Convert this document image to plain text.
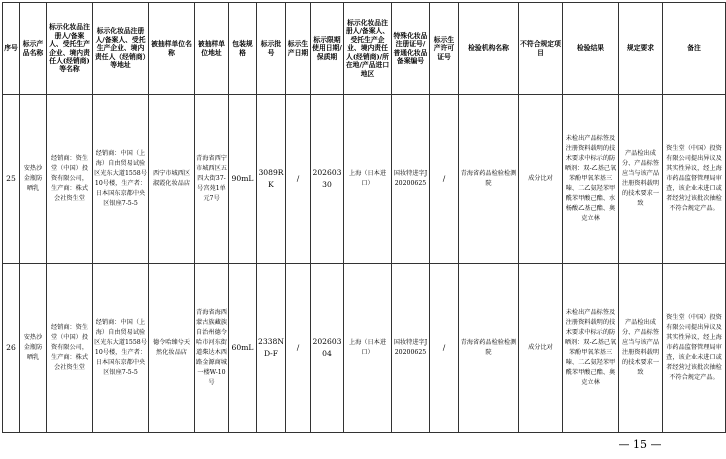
序号	标示产品名称	标示化妆品注册人/备案人、受托生产企业、境内责任人(经销商)等名称	标示化妆品注册人/备案人、受托生产企业、境内责任人（经销商）等地址	被抽样单位名称	被抽样单位地址	包装规格	标示批号	标示生产日期	标示限期使用日期/保质期	标示化妆品注册人/备案人、受托生产企业、境内责任人(经销商)/所在地/产品进口地区	特殊化妆品注册证号/普通化妆品备案编号	标示生产许可证号	检验机构名称	不符合规定项目	检验结果	规定要求	备注
25	安热沙金瓶防晒乳	经销商：资生堂（中国）投资有限公司，生产商：株式会社资生堂	经销商：中国（上海）自由贸易试验区光东大道1558号10号楼，生产者：日本国东京都中央区银座7-5-5	西宁市城西区淑霞化妆品店	青海省西宁市城西区五四大街37-号宫苑1单元7号	90mL	3089RK	/	20260330	上海（日本进口）	国妆特进字J20200625	/	青海省药品检验检测院	成分比对	未检出产品标签及注册资料载明的技术要求中标示的防晒剂：双-乙基己氧苯酚甲氧苯基三嗪、二乙氨羟苯甲酰苯甲酸己酯、水杨酸乙基己酯、奥克立林	产品检出成分、产品标签应当与该产品注册资料载明的技术要求一致	资生堂（中国）投资有限公司提出异议及其实性异议，经上海市药品监督管理局审查，该企业未进口或者经营过该批次抽检不符合规定产品。
26	安热沙金瓶防晒乳	经销商：资生堂（中国）投资有限公司，生产商：株式会社资生堂	经销商：中国（上海）自由贸易试验区光东大道1558号10号楼，生产者：日本国东京都中央区银座7-5-5	德令哈臻兮天然化妆品店	青海省海西蒙古族藏族自治州德令哈市河东街道柴达木西路金源商城一楼W-10号	60mL	2338ND-F	/	20260304	上海（日本进口）	国妆特进字J20200625	/	青海省药品检验检测院	成分比对	未检出产品标签及注册资料载明的技术要求中标示的防晒剂：双-乙基己氧苯酚甲氧苯基三嗪、二乙氨羟苯甲酰苯甲酸己酯、奥克立林	产品检出成分、产品标签应当与该产品注册资料载明的技术要求一致	资生堂（中国）投资有限公司提出异议及其实性异议，经上海市药品监督管理局审查，该企业未进口或者经营过该批次抽检不符合规定产品。
— 15 —
